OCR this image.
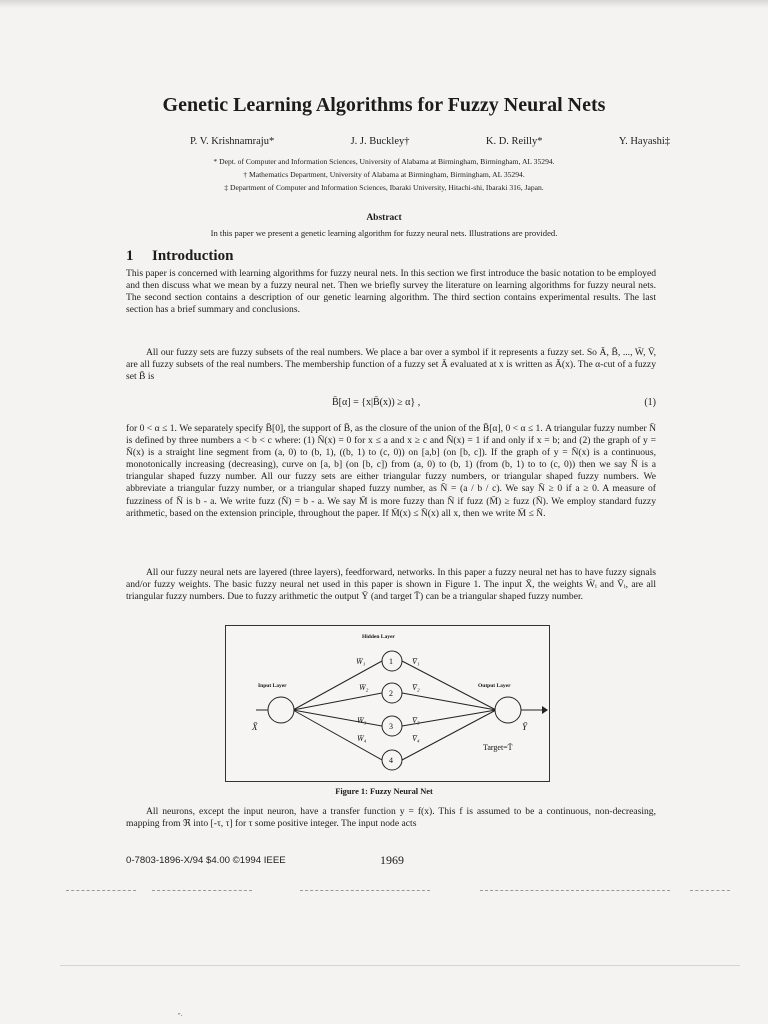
Genetic Learning Algorithms for Fuzzy Neural Nets
P. V. Krishnamraju*	J. J. Buckley†	K. D. Reilly*	Y. Hayashi‡
* Dept. of Computer and Information Sciences, University of Alabama at Birmingham, Birmingham, AL 35294.
† Mathematics Department, University of Alabama at Birmingham, Birmingham, AL 35294.
‡ Department of Computer and Information Sciences, Ibaraki University, Hitachi-shi, Ibaraki 316, Japan.
Abstract
In this paper we present a genetic learning algorithm for fuzzy neural nets. Illustrations are provided.
1 Introduction

This paper is concerned with learning algorithms for fuzzy neural nets. In this section we first introduce the basic notation to be employed and then discuss what we mean by a fuzzy neural net. Then we briefly survey the literature on learning algorithms for fuzzy neural nets. The second section contains a description of our genetic learning algorithm. The third section contains experimental results. The last section has a brief summary and conclusions.

All our fuzzy sets are fuzzy subsets of the real numbers. We place a bar over a symbol if it represents a fuzzy set. So Ā, B̄, ..., W̄, V̄, are all fuzzy subsets of the real numbers. The membership function of a fuzzy set Ā evaluated at x is written as Ā(x). The α-cut of a fuzzy set B̄ is

B̄[α] = {x|B̄(x)) ≥ α} ,	(1)

for 0 < α ≤ 1. We separately specify B̄[0], the support of B̄, as the closure of the union of the B̄[α], 0 < α ≤ 1. A triangular fuzzy number N̄ is defined by three numbers a < b < c where: (1) N̄(x) = 0 for x ≤ a and x ≥ c and N̄(x) = 1 if and only if x = b; and (2) the graph of y = N̄(x) is a straight line segment from (a, 0) to (b, 1), ((b, 1) to (c, 0)) on [a,b] (on [b, c]). If the graph of y = N̄(x) is a continuous, monotonically increasing (decreasing), curve on [a, b] (on [b, c]) from (a, 0) to (b, 1) (from (b, 1) to to (c, 0)) then we say N̄ is a triangular shaped fuzzy number. All our fuzzy sets are either triangular fuzzy numbers, or triangular shaped fuzzy numbers. We abbreviate a triangular fuzzy number, or a triangular shaped fuzzy number, as N̄ = (a / b / c). We say N̄ ≥ 0 if a ≥ 0. A measure of fuzziness of N̄ is b - a. We write fuzz (N̄) = b - a. We say M̄ is more fuzzy than N̄ if fuzz (M̄) ≥ fuzz (N̄). We employ standard fuzzy arithmetic, based on the extension principle, throughout the paper. If M̄(x) ≤ N̄(x) all x, then we write M̄ ≤ N̄.

All our fuzzy neural nets are layered (three layers), feedforward, networks. In this paper a fuzzy neural net has to have fuzzy signals and/or fuzzy weights. The basic fuzzy neural net used in this paper is shown in Figure 1. The input X̄, the weights W̄ᵢ and V̄ᵢ, are all triangular fuzzy numbers. Due to fuzzy arithmetic the output Ȳ (and target T̄) can be a triangular shaped fuzzy number.

Hidden Layer
Input Layer	Output Layer
1
2
3
4
W̄₁
W̄₂
W̄₃
W̄₄
V̄₁
V̄₂
V̄₃
V̄₄
X̄	Ȳ
Target=T̄
Figure 1: Fuzzy Neural Net

All neurons, except the input neuron, have a transfer function y = f(x). This f is assumed to be a continuous, non-decreasing, mapping from ℜ into [-τ, τ] for τ some positive integer. The input node acts

0-7803-1896-X/94 $4.00 ©1994 IEEE	1969
''·
